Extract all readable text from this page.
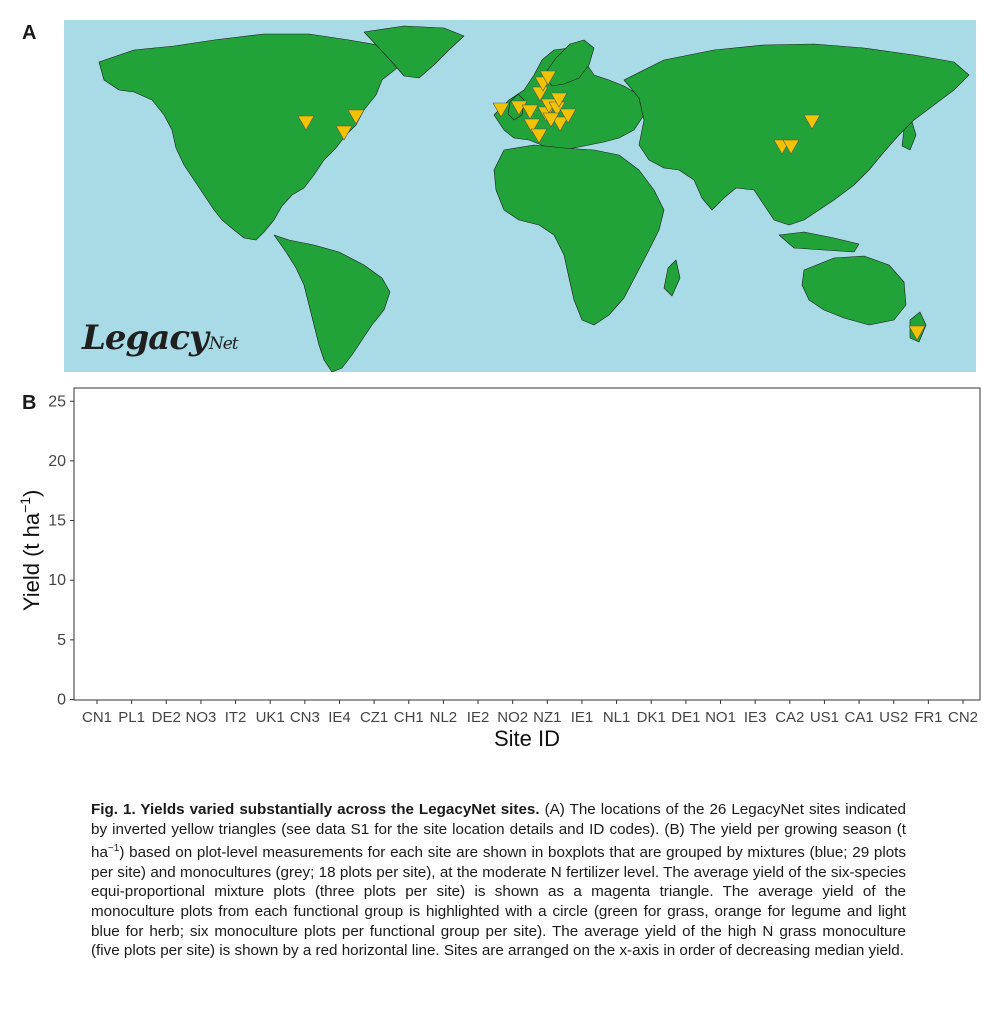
A
B
LegacyNet
0
5
10
15
20
25
Yield (t $ha^{-1}$)
CN1 PL1 DE2 NO3 IT2 UK1 CN3 IE4 CZ1 CH1 NL2 IE2 NO2 NZ1 IE1 NL1 DK1 DE1 NO1 IE3 CA2 US1 CA1 US2 FR1 CN2
Site ID
Fig. 1. Yields varied substantially across the LegacyNet sites. (A) The locations of the 26 LegacyNet sites indicated by inverted yellow triangles (see data S1 for the site location details and ID codes). (B) The yield per growing season (t $ha^{-1}$) based on plot-level measurements for each site are shown in boxplots that are grouped by mixtures (blue; 29 plots per site) and monocultures (grey; 18 plots per site), at the moderate N fertilizer level. The average yield of the six-species equi-proportional mixture plots (three plots per site) is shown as a magenta triangle. The average yield of the monoculture plots from each functional group is highlighted with a circle (green for grass, orange for legume and light blue for herb; six monoculture plots per functional group per site). The average yield of the high N grass monoculture (five plots per site) is shown by a red horizontal line. Sites are arranged on the x-axis in order of decreasing median yield.
